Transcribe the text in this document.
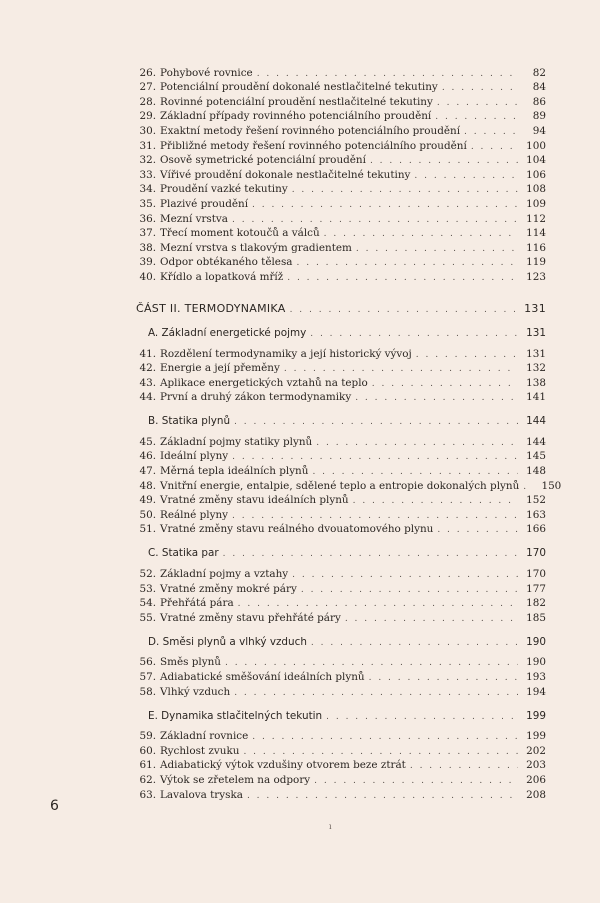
26. Pohybové rovnice . . .	82
27. Potenciální proudění dokonalé nestlačitelné tekutiny . . .	84
28. Rovinné potenciální proudění nestlačitelné tekutiny . . .	86
29. Základní případy rovinného potenciálního proudění . . .	89
30. Exaktní metody řešení rovinného potenciálního proudění . . .	94
31. Přibližné metody řešení rovinného potenciálního proudění . . .	100
32. Osově symetrické potenciální proudění . . .	104
33. Vířivé proudění dokonale nestlačitelné tekutiny . . .	106
34. Proudění vazké tekutiny . . .	108
35. Plazivé proudění . . .	109
36. Mezní vrstva . . .	112
37. Třecí moment kotoučů a válců . . .	114
38. Mezní vrstva s tlakovým gradientem . . .	116
39. Odpor obtékaného tělesa . . .	119
40. Křídlo a lopatková mříž . . .	123
ČÁST II. TERMODYNAMIKA . . .	131
A. Základní energetické pojmy . . .	131
41. Rozdělení termodynamiky a její historický vývoj . . .	131
42. Energie a její přeměny . . .	132
43. Aplikace energetických vztahů na teplo . . .	138
44. První a druhý zákon termodynamiky . . .	141
B. Statika plynů . . .	144
45. Základní pojmy statiky plynů . . .	144
46. Ideální plyny . . .	145
47. Měrná tepla ideálních plynů . . .	148
48. Vnitřní energie, entalpie, sdělené teplo a entropie dokonalých plynů . . .	150
49. Vratné změny stavu ideálních plynů . . .	152
50. Reálné plyny . . .	163
51. Vratné změny stavu reálného dvouatomového plynu . . .	166
C. Statika par . . .	170
52. Základní pojmy a vztahy . . .	170
53. Vratné změny mokré páry . . .	177
54. Přehřátá pára . . .	182
55. Vratné změny stavu přehřáté páry . . .	185
D. Směsi plynů a vlhký vzduch . . .	190
56. Směs plynů . . .	190
57. Adiabatické směšování ideálních plynů . . .	193
58. Vlhký vzduch . . .	194
E. Dynamika stlačitelných tekutin . . .	199
59. Základní rovnice . . .	199
60. Rychlost zvuku . . .	202
61. Adiabatický výtok vzdušiny otvorem beze ztrát . . .	203
62. Výtok se zřetelem na odpory . . .	206
63. Lavalova tryska . . .	208
6
ı
